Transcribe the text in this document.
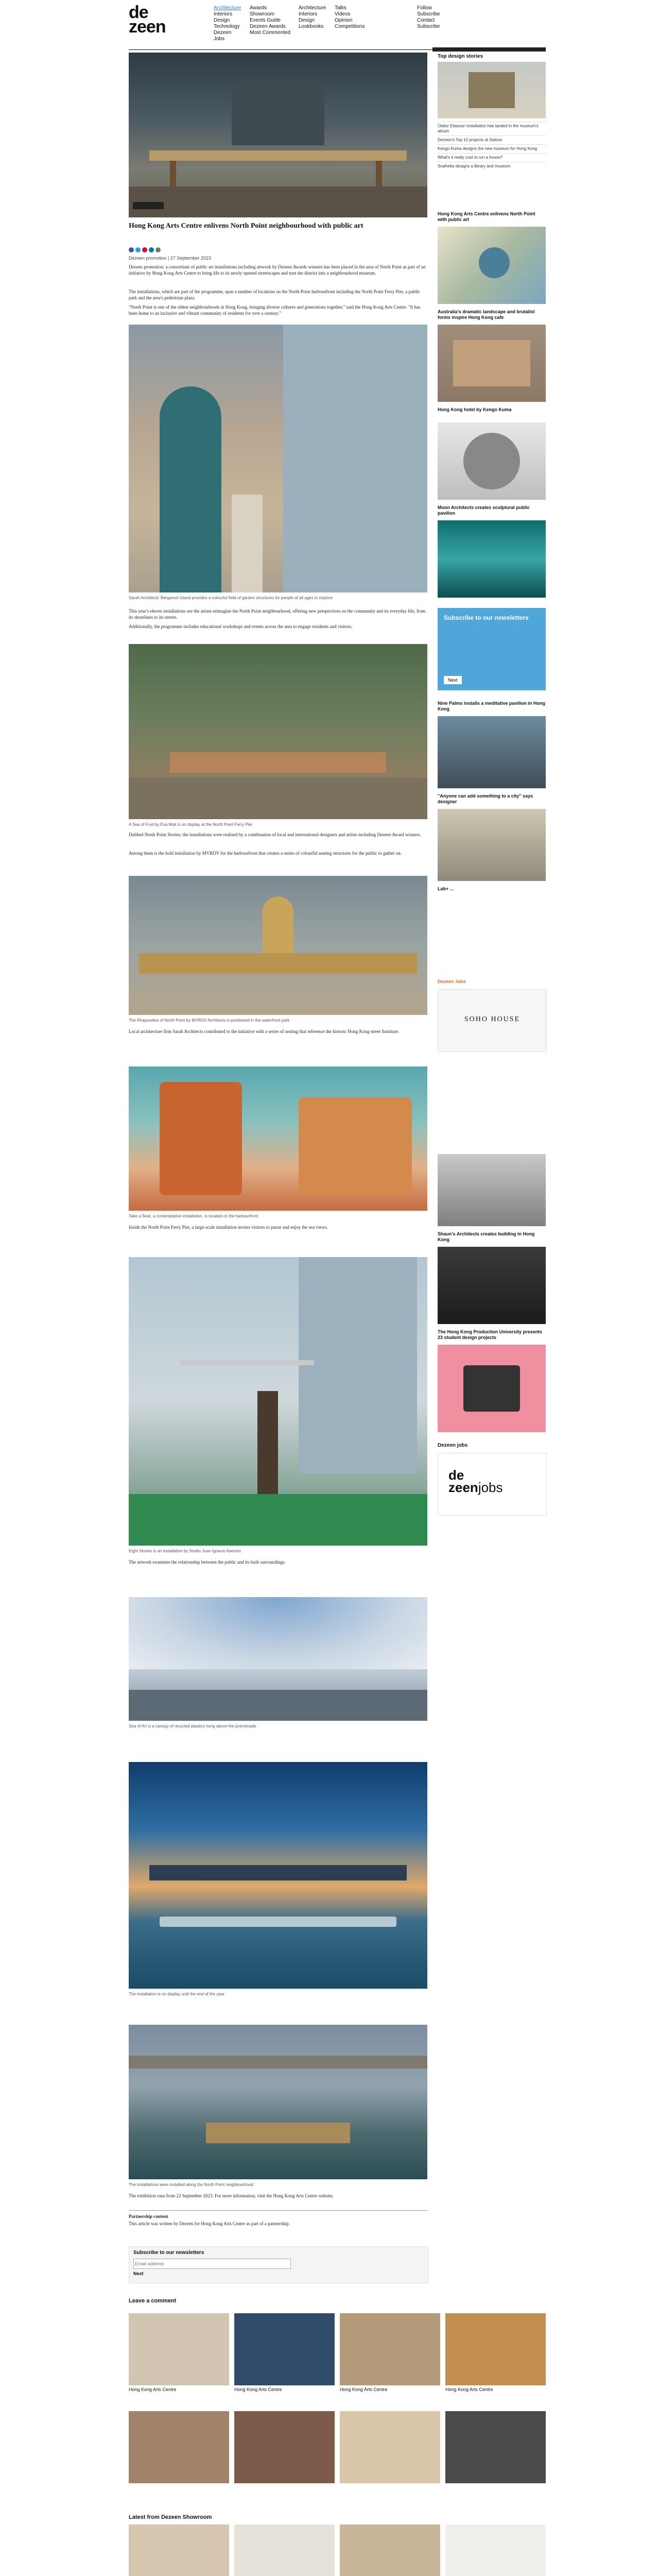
de
zeen
Architecture
Interiors
Design
Technology
Dezeen
Jobs
Awards
Showroom
Events Guide
Dezeen Awards
Most Commented
Architecture
Interiors
Design
Lookbooks
Talks
Videos
Opinion
Competitions
Follow
Subscribe
Contact
Subscribe
Hong Kong Arts Centre enlivens North Point neighbourhood with public art
Dezeen promotion | 27 September 2023
Dezeen promotion: a consortium of public art installations including artwork by Dezeen Awards winners has been placed in the area of North Point as part of an initiative by Hong Kong Arts Centre to bring life to its newly opened streetscapes and turn the district into a neighbourhood museum.
The installations, which are part of the programme, span a number of locations on the North Point harbourfront including the North Point Ferry Pier, a public park and the area's pedestrian plaza.
"North Point is one of the oldest neighbourhoods in Hong Kong, bringing diverse cultures and generations together," said the Hong Kong Arts Centre. "It has been home to an inclusive and vibrant community of residents for over a century."
Sarah Architects' Bergamot Island provides a colourful field of garden structures for people of all ages to explore
This year's eleven installations see the artists reimagine the North Point neighbourhood, offering new perspectives on the community and its everyday life, from its shorelines to its streets.
Additionally, the programme includes educational workshops and events across the area to engage residents and visitors.
A Sea of Fruit by Eva Mok is on display at the North Point Ferry Pier
Dubbed North Point Stories, the installations were realised by a combination of local and international designers and artists including Dezeen Award winners.
Among them is the bold installation by MVRDV for the harbourfront that creates a series of colourful seating structures for the public to gather on.
The Rhapsodies of North Point by MVRDV Architects is positioned in the waterfront park
Local architecture firm Sarah Architects contributed to the initiative with a series of seating that reference the historic Hong Kong street furniture.
Take a Seat, a contemplative installation, is located on the harbourfront
Inside the North Point Ferry Pier, a large-scale installation invites visitors to pause and enjoy the sea views.
Eight Stories is an installation by Studio Juan Ignacio Asensio
The artwork examines the relationship between the public and its built surroundings.
Sea of Art is a canopy of recycled plastics hung above the promenade
The installation is on display until the end of the year
The installations were installed along the North Point neighbourhood
The exhibition runs from 22 September 2023. For more information, visit the Hong Kong Arts Centre website.
Partnership content
This article was written by Dezeen for Hong Kong Arts Centre as part of a partnership.
Subscribe to our newsletters
Email address
Next
Top design stories
Olafur Eliasson installation has landed in the museum's atrium
Dezeen's Top 10 projects at Salone
Kengo Kuma designs the new museum for Hong Kong
What's it really cost to run a house?
Snøhetta designs a library and museum
Hong Kong Arts Centre enlivens North Point with public art
Australia's dramatic landscape and brutalist forms inspire Hong Kong cafe
Hong Kong hotel by Kengo Kuma
Moon Architects creates sculptural public pavilion
Subscribe to our newsletters
Next
Nine Palms installs a meditative pavilion in Hong Kong
"Anyone can add something to a city" says designer
Lab+ ...
Dezeen Jobs
SOHO HOUSE
Shaun's Architects creates building in Hong Kong
The Hong Kong Production University presents 23 student design projects
Dezeen jobs
de
zeenjobs
Leave a comment
Hong Kong Arts Centre	Hong Kong Arts Centre	Hong Kong Arts Centre	Hong Kong Arts Centre
Latest from Dezeen Showroom
